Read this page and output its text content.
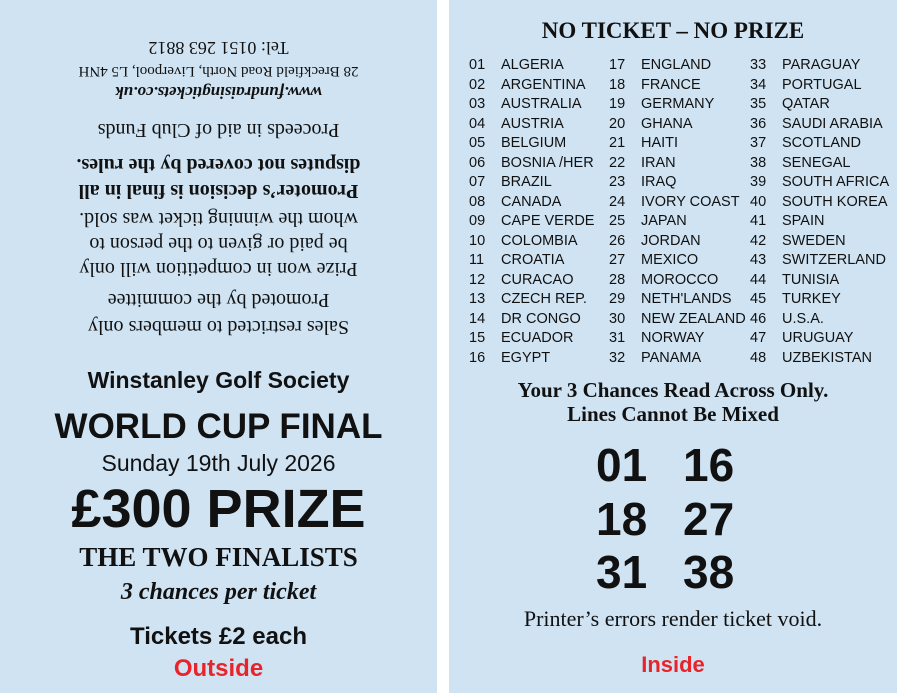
Sales restricted to members only
Promoted by the committee
Prize won in competition will only
be paid or given to the person to
whom the winning ticket was sold.
Promoter’s decision is final in all
disputes not covered by the rules.
Proceeds in aid of Club Funds
www.fundraisingtickets.co.uk
28 Breckfield Road North, Liverpool, L5 4NH
Tel: 0151 263 8812
Winstanley Golf Society
WORLD CUP FINAL
Sunday 19th July 2026
£300 PRIZE
THE TWO FINALISTS
3 chances per ticket
Tickets £2 each
Outside
NO TICKET – NO PRIZE
01 ALGERIA
02 ARGENTINA
03 AUSTRALIA
04 AUSTRIA
05 BELGIUM
06 BOSNIA /HER
07 BRAZIL
08 CANADA
09 CAPE VERDE
10 COLOMBIA
11 CROATIA
12 CURACAO
13 CZECH REP.
14 DR CONGO
15 ECUADOR
16 EGYPT
17 ENGLAND
18 FRANCE
19 GERMANY
20 GHANA
21 HAITI
22 IRAN
23 IRAQ
24 IVORY COAST
25 JAPAN
26 JORDAN
27 MEXICO
28 MOROCCO
29 NETH'LANDS
30 NEW ZEALAND
31 NORWAY
32 PANAMA
33 PARAGUAY
34 PORTUGAL
35 QATAR
36 SAUDI ARABIA
37 SCOTLAND
38 SENEGAL
39 SOUTH AFRICA
40 SOUTH KOREA
41 SPAIN
42 SWEDEN
43 SWITZERLAND
44 TUNISIA
45 TURKEY
46 U.S.A.
47 URUGUAY
48 UZBEKISTAN
Your 3 Chances Read Across Only.
Lines Cannot Be Mixed
01 16
18 27
31 38
Printer’s errors render ticket void.
Inside
